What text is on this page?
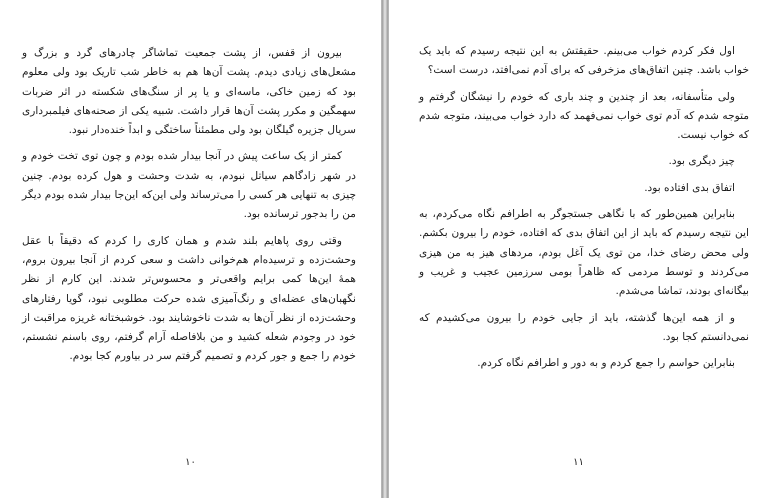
بیرون از قفس، از پشت جمعیت تماشاگر چادرهای گرد و بزرگ و مشعل‌های زیادی دیدم. پشت آن‌ها هم به خاطر شب تاریک بود ولی معلوم بود که زمین خاکی، ماسه‌ای و یا پر از سنگ‌های شکسته در اثر ضربات سهمگین و مکرر پشت آن‌ها قرار داشت. شبیه یکی از صحنه‌های فیلمبرداری سریال جزیره گیلگان بود ولی مطمئناً ساختگی و ابداً خنده‌دار نبود.

کمتر از یک ساعت پیش در آنجا بیدار شده بودم و چون توی تخت خودم و در شهر زادگاهم سیاتل نبودم، به شدت وحشت و هول کرده بودم. چنین چیزی به تنهایی هر کسی را می‌ترساند ولی این‌که این‌جا بیدار شده بودم دیگر من را بدجور ترسانده بود.

وقتی روی پاهایم بلند شدم و همان کاری را کردم که دقیقاً با عقل وحشت‌زده و ترسیده‌ام هم‌خوانی داشت و سعی کردم از آنجا بیرون بروم، همهٔ این‌ها کمی برایم واقعی‌تر و محسوس‌تر شدند. این کارم از نظر نگهبان‌های عضله‌ای و رنگ‌آمیزی شده حرکت مطلوبی نبود، گویا رفتارهای وحشت‌زده از نظر آن‌ها به شدت ناخوشایند بود. خوشبختانه غریزه مراقبت از خود در وجودم شعله کشید و من بلافاصله آرام گرفتم، روی باسنم نشستم، خودم را جمع و جور کردم و تصمیم گرفتم سر در بیاورم کجا بودم.

۱۰

اول فکر کردم خواب می‌بینم. حقیقتش به این نتیجه رسیدم که باید یک خواب باشد. چنین اتفاق‌های مزخرفی که برای آدم نمی‌افتد، درست است؟

ولی متأسفانه، بعد از چندین و چند باری که خودم را نیشگان گرفتم و متوجه شدم که آدم توی خواب نمی‌فهمد که دارد خواب می‌بیند، متوجه شدم که خواب نیست.

چیز دیگری بود.

اتفاق بدی افتاده بود.

بنابراین همین‌طور که با نگاهی جستجوگر به اطرافم نگاه می‌کردم، به این نتیجه رسیدم که باید از این اتفاق بدی که افتاده، خودم را بیرون بکشم. ولی محض رضای خدا، من توی یک آغل بودم، مردهای هیز به من هیزی می‌کردند و توسط مردمی که ظاهراً بومی سرزمین عجیب و غریب و بیگانه‌ای بودند، تماشا می‌شدم.

و از همه این‌ها گذشته، باید از جایی خودم را بیرون می‌کشیدم که نمی‌دانستم کجا بود.

بنابراین حواسم را جمع کردم و به دور و اطرافم نگاه کردم.

۱۱
